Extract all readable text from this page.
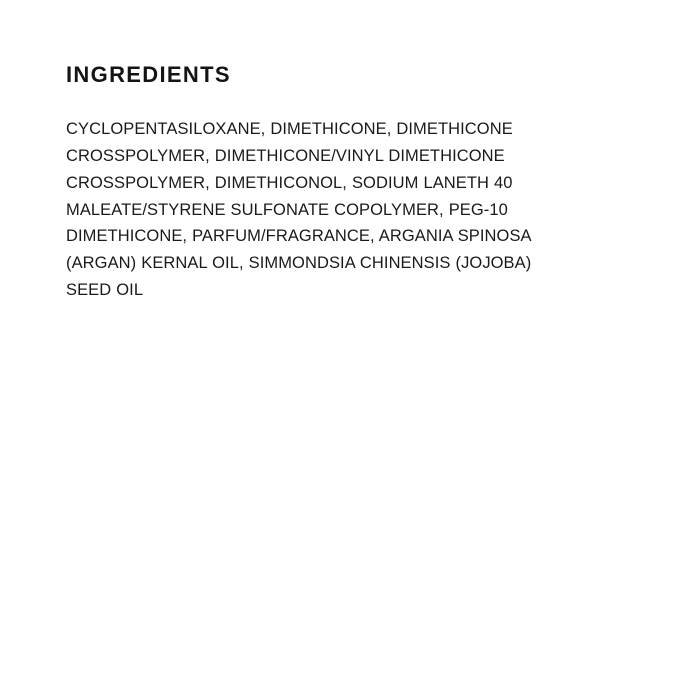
INGREDIENTS

CYCLOPENTASILOXANE, DIMETHICONE, DIMETHICONE CROSSPOLYMER, DIMETHICONE/VINYL DIMETHICONE CROSSPOLYMER, DIMETHICONOL, SODIUM LANETH 40 MALEATE/STYRENE SULFONATE COPOLYMER, PEG-10 DIMETHICONE, PARFUM/FRAGRANCE, ARGANIA SPINOSA (ARGAN) KERNAL OIL, SIMMONDSIA CHINENSIS (JOJOBA) SEED OIL
